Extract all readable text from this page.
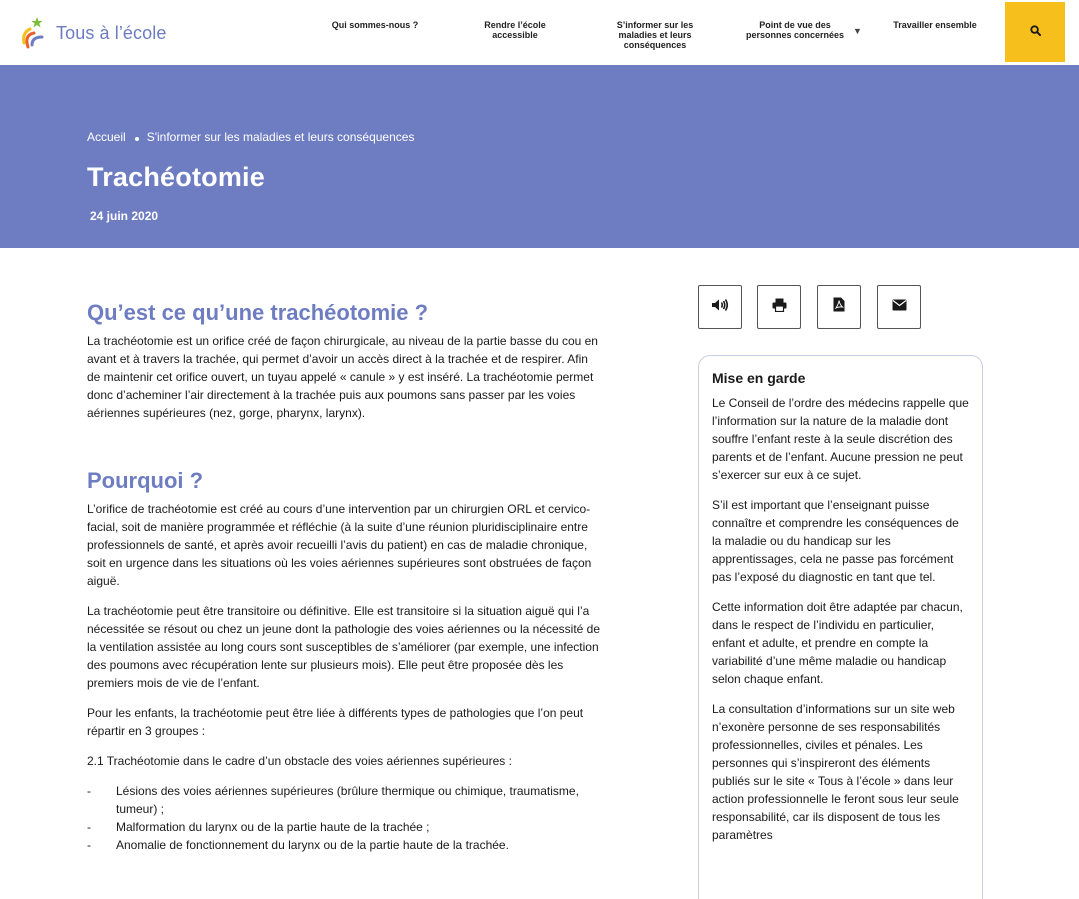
Tous à l’école	Qui sommes-nous ?	Rendre l’école accessible
S’informer sur les maladies et leurs conséquences
Point de vue des personnes concernées ▼
Travailler ensemble
Accueil S'informer sur les maladies et leurs conséquences
Trachéotomie
24 juin 2020
Qu’est ce qu’une trachéotomie ?

La trachéotomie est un orifice créé de façon chirurgicale, au niveau de la partie basse du cou en avant et à travers la trachée, qui permet d’avoir un accès direct à la trachée et de respirer. Afin de maintenir cet orifice ouvert, un tuyau appelé « canule » y est inséré. La trachéotomie permet donc d’acheminer l’air directement à la trachée puis aux poumons sans passer par les voies aériennes supérieures (nez, gorge, pharynx, larynx).

Pourquoi ?

L’orifice de trachéotomie est créé au cours d’une intervention par un chirurgien ORL et cervico-facial, soit de manière programmée et réfléchie (à la suite d’une réunion pluridisciplinaire entre professionnels de santé, et après avoir recueilli l’avis du patient) en cas de maladie chronique, soit en urgence dans les situations où les voies aériennes supérieures sont obstruées de façon aiguë.

La trachéotomie peut être transitoire ou définitive. Elle est transitoire si la situation aiguë qui l’a nécessitée se résout ou chez un jeune dont la pathologie des voies aériennes ou la nécessité de la ventilation assistée au long cours sont susceptibles de s’améliorer (par exemple, une infection des poumons avec récupération lente sur plusieurs mois). Elle peut être proposée dès les premiers mois de vie de l’enfant.

Pour les enfants, la trachéotomie peut être liée à différents types de pathologies que l’on peut répartir en 3 groupes :

2.1 Trachéotomie dans le cadre d’un obstacle des voies aériennes supérieures :

-	Lésions des voies aériennes supérieures (brûlure thermique ou chimique, traumatisme, tumeur) ;
-	Malformation du larynx ou de la partie haute de la trachée ;
-	Anomalie de fonctionnement du larynx ou de la partie haute de la trachée.
Mise en garde

Le Conseil de l’ordre des médecins rappelle que l’information sur la nature de la maladie dont souffre l’enfant reste à la seule discrétion des parents et de l’enfant. Aucune pression ne peut s’exercer sur eux à ce sujet.

S’il est important que l’enseignant puisse connaître et comprendre les conséquences de la maladie ou du handicap sur les apprentissages, cela ne passe pas forcément pas l’exposé du diagnostic en tant que tel.

Cette information doit être adaptée par chacun, dans le respect de l’individu en particulier, enfant et adulte, et prendre en compte la variabilité d’une même maladie ou handicap selon chaque enfant.

La consultation d’informations sur un site web n’exonère personne de ses responsabilités professionnelles, civiles et pénales. Les personnes qui s’inspireront des éléments publiés sur le site « Tous à l’école » dans leur action professionnelle le feront sous leur seule responsabilité, car ils disposent de tous les paramètres
